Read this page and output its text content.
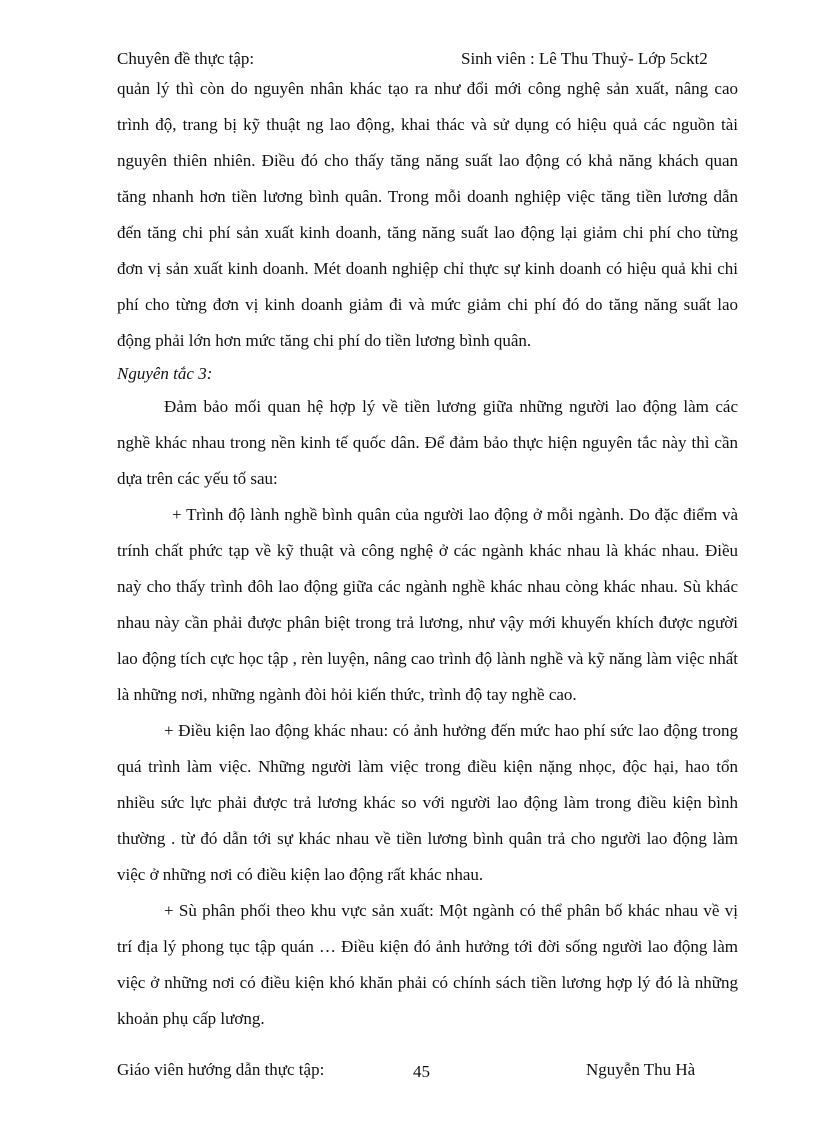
Chuyên đề thực tập:	Sinh viên : Lê Thu Thuỷ- Lớp 5ckt2

quản lý thì còn do nguyên nhân khác tạo ra như đổi mới công nghệ sản xuất, nâng cao trình độ, trang bị kỹ thuật ng lao động, khai thác và sử dụng có hiệu quả các nguồn tài nguyên thiên nhiên. Điều đó cho thấy tăng năng suất lao động có khả năng khách quan tăng nhanh hơn tiền lương bình quân. Trong mỗi doanh nghiệp việc tăng tiền lương dẫn đến tăng chi phí sản xuất kinh doanh, tăng năng suất lao động lại giảm chi phí cho từng đơn vị sản xuất kinh doanh. Mét doanh nghiệp chỉ thực sự kinh doanh có hiệu quả khi chi phí cho từng đơn vị kinh doanh giảm đi và mức giảm chi phí đó do tăng năng suất lao động phải lớn hơn mức tăng chi phí do tiền lương bình quân.

Nguyên tắc 3:

Đảm bảo mối quan hệ hợp lý về tiền lương giữa những người lao động làm các nghề khác nhau trong nền kinh tế quốc dân. Để đảm bảo thực hiện nguyên tắc này thì cần dựa trên các yếu tố sau:

+ Trình độ lành nghề bình quân của người lao động ở mỗi ngành. Do đặc điểm và trính chất phức tạp về kỹ thuật và công nghệ ở các ngành khác nhau là khác nhau. Điều naỳ cho thấy trình đôh lao động giữa các ngành nghề khác nhau còng khác nhau. Sù khác nhau này cần phải được phân biệt trong trả lương, như vậy mới khuyến khích được người lao động tích cực học tập , rèn luyện, nâng cao trình độ lành nghề và kỹ năng làm việc nhất là những nơi, những ngành đòi hỏi kiến thức, trình độ tay nghề cao.

+ Điều kiện lao động khác nhau: có ảnh hưởng đến mức hao phí sức lao động trong quá trình làm việc. Những người làm việc trong điều kiện nặng nhọc, độc hại, hao tổn nhiều sức lực phải được trả lương khác so với người lao động làm trong điều kiện bình thường . từ đó dẫn tới sự khác nhau về tiền lương bình quân trả cho người lao động làm việc ở những nơi có điều kiện lao động rất khác nhau.

+ Sù phân phối theo khu vực sản xuất: Một ngành có thể phân bố khác nhau về vị trí địa lý phong tục tập quán … Điều kiện đó ảnh hưởng tới đời sống người lao động làm việc ở những nơi có điều kiện khó khăn phải có chính sách tiền lương hợp lý đó là những khoản phụ cấp lương.

Giáo viên hướng dẫn thực tập:	45	Nguyễn Thu Hà
